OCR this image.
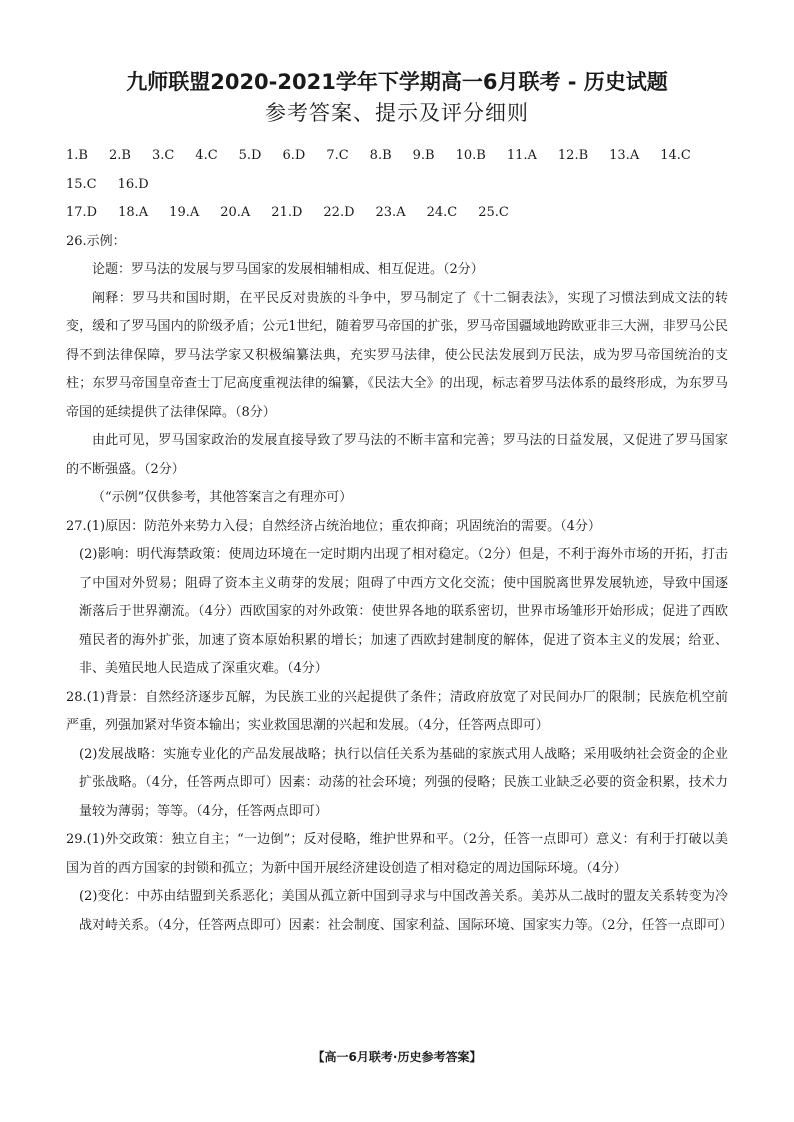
九师联盟2020-2021学年下学期高一6月联考 - 历史试题
参考答案、提示及评分细则
1.B 2.B 3.C 4.C 5.D 6.D 7.C 8.B 9.B 10.B 11.A 12.B 13.A 14.C
15.C 16.D
17.D 18.A 19.A 20.A 21.D 22.D 23.A 24.C 25.C

26.示例：

论题：罗马法的发展与罗马国家的发展相辅相成、相互促进。（2分）

阐释：罗马共和国时期，在平民反对贵族的斗争中，罗马制定了《十二铜表法》，实现了习惯法到成文法的转变，缓和了罗马国内的阶级矛盾；公元1世纪，随着罗马帝国的扩张，罗马帝国疆域地跨欧亚非三大洲，非罗马公民得不到法律保障，罗马法学家又积极编纂法典，充实罗马法律，使公民法发展到万民法，成为罗马帝国统治的支柱；东罗马帝国皇帝查士丁尼高度重视法律的编纂，《民法大全》的出现，标志着罗马法体系的最终形成，为东罗马帝国的延续提供了法律保障。（8分）

由此可见，罗马国家政治的发展直接导致了罗马法的不断丰富和完善；罗马法的日益发展，又促进了罗马国家的不断强盛。（2分）

（“示例”仅供参考，其他答案言之有理亦可）

27.(1)原因：防范外来势力入侵；自然经济占统治地位；重农抑商；巩固统治的需要。（4分）

(2)影响：明代海禁政策：使周边环境在一定时期内出现了相对稳定。（2分）但是，不利于海外市场的开拓，打击了中国对外贸易；阻碍了资本主义萌芽的发展；阻碍了中西方文化交流；使中国脱离世界发展轨迹，导致中国逐渐落后于世界潮流。（4分）西欧国家的对外政策：使世界各地的联系密切，世界市场雏形开始形成；促进了西欧殖民者的海外扩张，加速了资本原始积累的增长；加速了西欧封建制度的解体，促进了资本主义的发展；给亚、非、美殖民地人民造成了深重灾难。（4分）

28.(1)背景：自然经济逐步瓦解，为民族工业的兴起提供了条件；清政府放宽了对民间办厂的限制；民族危机空前严重，列强加紧对华资本输出；实业救国思潮的兴起和发展。（4分，任答两点即可）

(2)发展战略：实施专业化的产品发展战略；执行以信任关系为基础的家族式用人战略；采用吸纳社会资金的企业扩张战略。（4分，任答两点即可）因素：动荡的社会环境；列强的侵略；民族工业缺乏必要的资金积累，技术力量较为薄弱；等等。（4分，任答两点即可）

29.(1)外交政策：独立自主；“一边倒”；反对侵略，维护世界和平。（2分，任答一点即可）意义：有利于打破以美国为首的西方国家的封锁和孤立；为新中国开展经济建设创造了相对稳定的周边国际环境。（4分）

(2)变化：中苏由结盟到关系恶化；美国从孤立新中国到寻求与中国改善关系。美苏从二战时的盟友关系转变为冷战对峙关系。（4分，任答两点即可）因素：社会制度、国家利益、国际环境、国家实力等。（2分，任答一点即可）

【高一6月联考·历史参考答案】
